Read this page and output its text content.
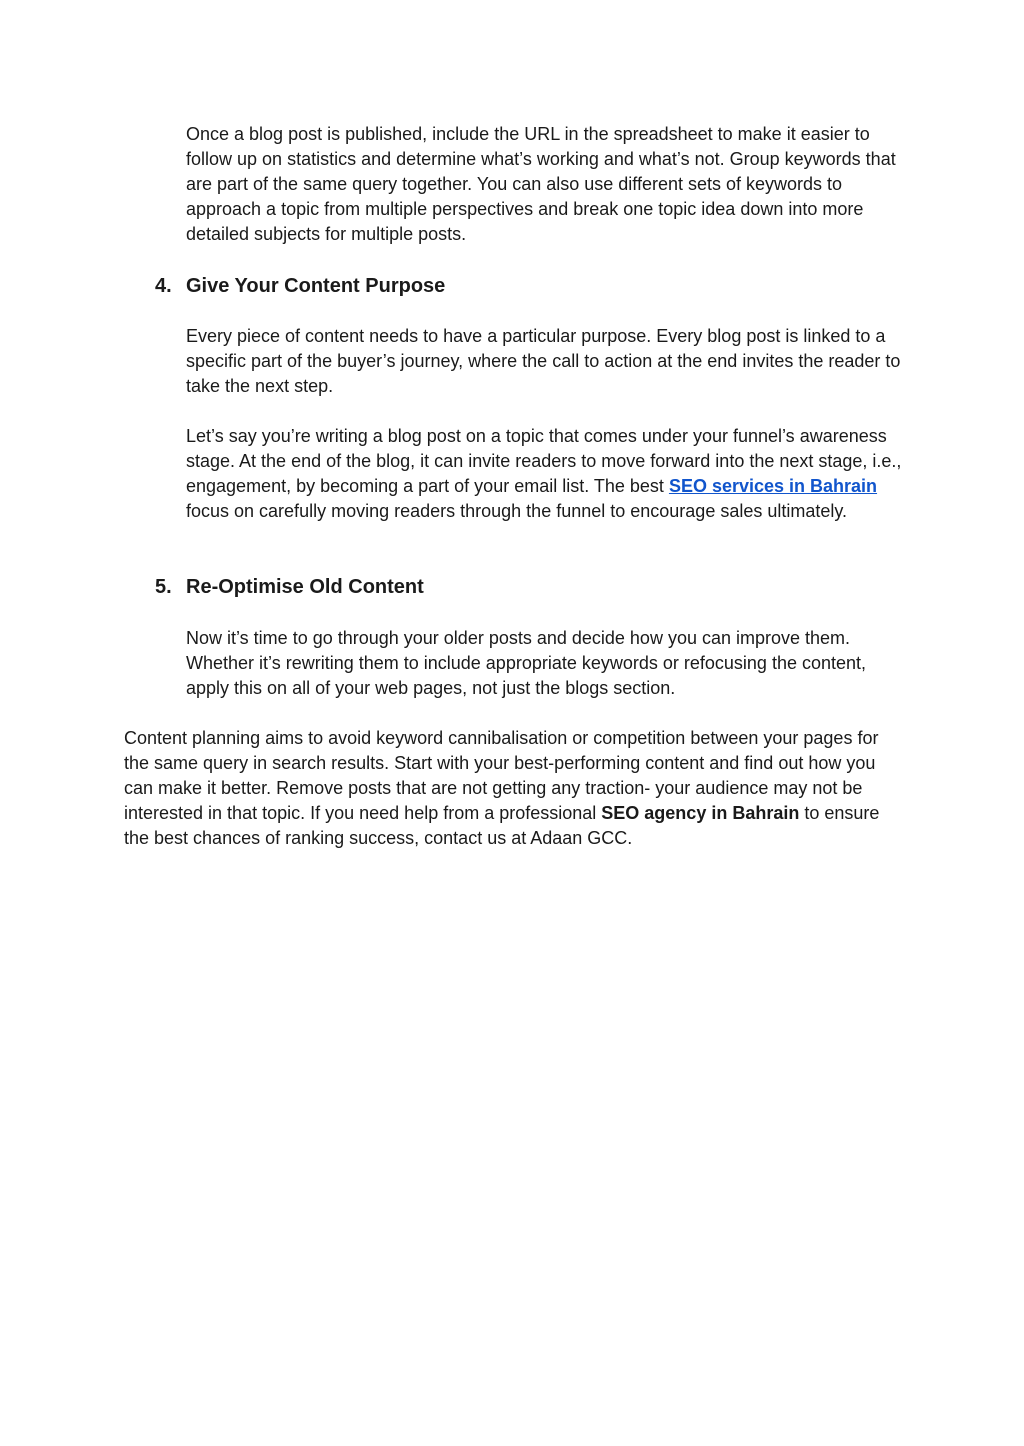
Once a blog post is published, include the URL in the spreadsheet to make it easier to follow up on statistics and determine what’s working and what’s not. Group keywords that are part of the same query together. You can also use different sets of keywords to approach a topic from multiple perspectives and break one topic idea down into more detailed subjects for multiple posts.

4. Give Your Content Purpose

Every piece of content needs to have a particular purpose. Every blog post is linked to a specific part of the buyer’s journey, where the call to action at the end invites the reader to take the next step.

Let’s say you’re writing a blog post on a topic that comes under your funnel’s awareness stage. At the end of the blog, it can invite readers to move forward into the next stage, i.e., engagement, by becoming a part of your email list. The best SEO services in Bahrain focus on carefully moving readers through the funnel to encourage sales ultimately.

5. Re-Optimise Old Content

Now it’s time to go through your older posts and decide how you can improve them. Whether it’s rewriting them to include appropriate keywords or refocusing the content, apply this on all of your web pages, not just the blogs section.

Content planning aims to avoid keyword cannibalisation or competition between your pages for the same query in search results. Start with your best-performing content and find out how you can make it better. Remove posts that are not getting any traction- your audience may not be interested in that topic. If you need help from a professional SEO agency in Bahrain to ensure the best chances of ranking success, contact us at Adaan GCC.
